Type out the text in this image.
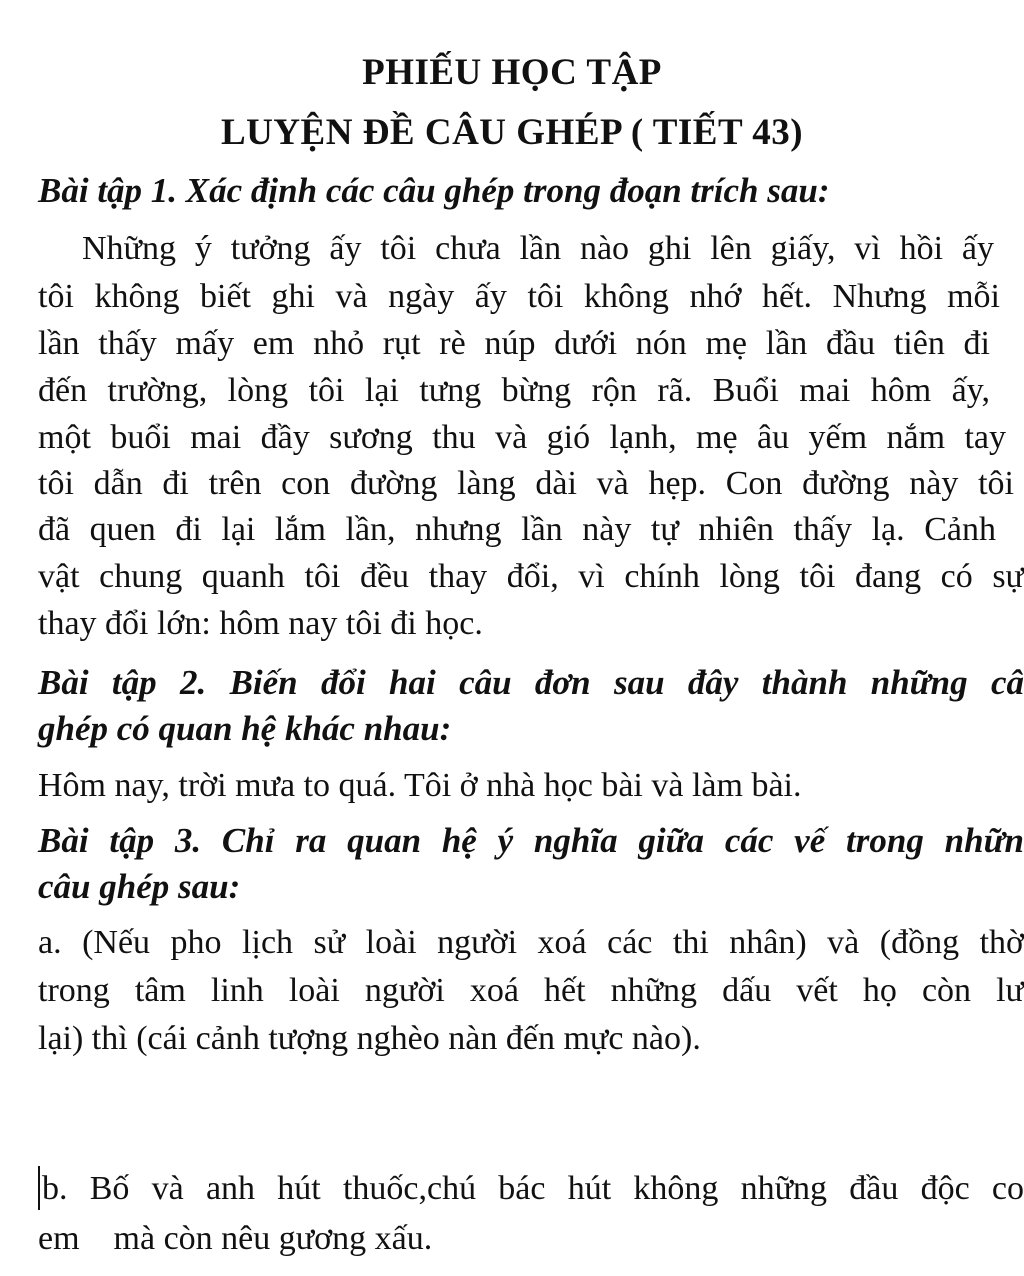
PHIẾU HỌC TẬP
LUYỆN ĐỀ CÂU GHÉP ( TIẾT 43)
Bài tập 1. Xác định các câu ghép trong đoạn trích sau:
Những ý tưởng ấy tôi chưa lần nào ghi lên giấy, vì hồi ấy
tôi không biết ghi và ngày ấy tôi không nhớ hết. Nhưng mỗi
lần thấy mấy em nhỏ rụt rè núp dưới nón mẹ lần đầu tiên đi
đến trường, lòng tôi lại tưng bừng rộn rã. Buổi mai hôm ấy,
một buổi mai đầy sương thu và gió lạnh, mẹ âu yếm nắm tay
tôi dẫn đi trên con đường làng dài và hẹp. Con đường này tôi
đã quen đi lại lắm lần, nhưng lần này tự nhiên thấy lạ. Cảnh
vật chung quanh tôi đều thay đổi, vì chính lòng tôi đang có sự
thay đổi lớn: hôm nay tôi đi học.
Bài tập 2. Biến đổi hai câu đơn sau đây thành những câ
ghép có quan hệ khác nhau:
Hôm nay, trời mưa to quá. Tôi ở nhà học bài và làm bài.
Bài tập 3. Chỉ ra quan hệ ý nghĩa giữa các vế trong nhữn
câu ghép sau:
a. (Nếu pho lịch sử loài người xoá các thi nhân) và (đồng thờ
trong tâm linh loài người xoá hết những dấu vết họ còn lư
lại) thì (cái cảnh tượng nghèo nàn đến mực nào).
b. Bố và anh hút thuốc,chú bác hút không những đầu độc co
em    mà còn nêu gương xấu.
